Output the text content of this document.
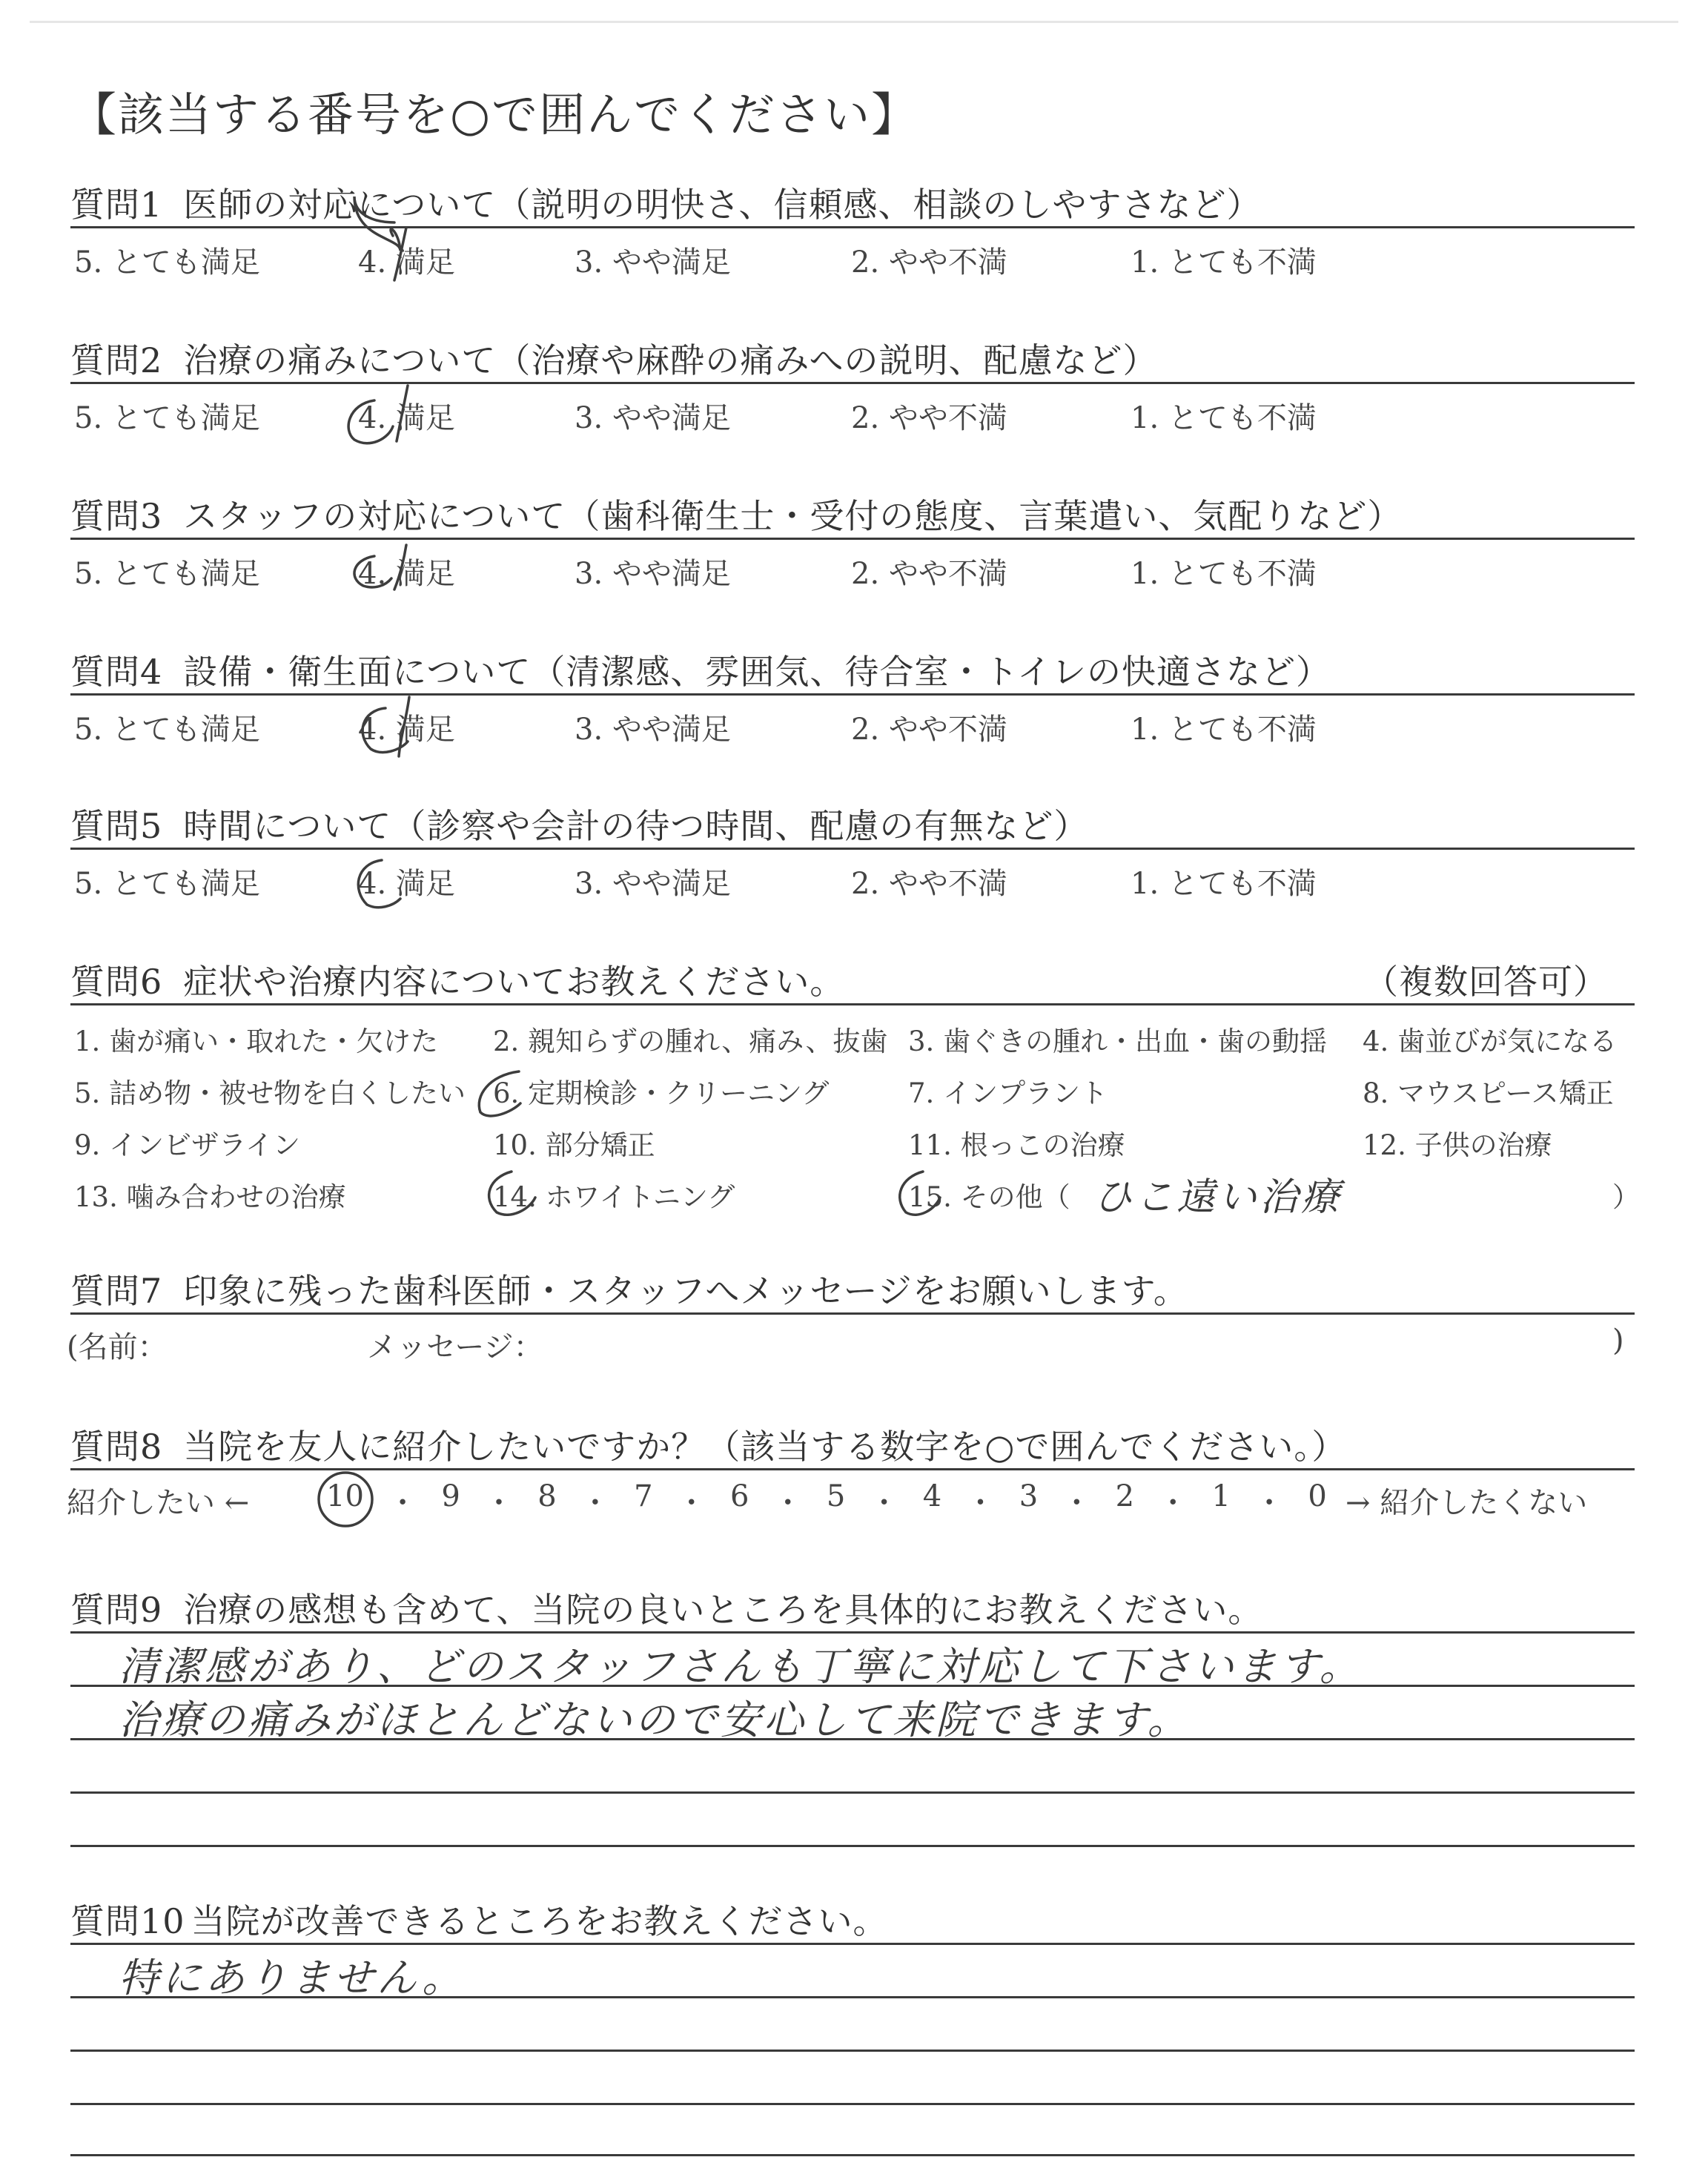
【該当する番号を○で囲んでください】
質問1 医師の対応について（説明の明快さ、信頼感、相談のしやすさなど）
5. とても満足	4. 満足	3. やや満足	2. やや不満	1. とても不満
質問2 治療の痛みについて（治療や麻酔の痛みへの説明、配慮など）
5. とても満足	4. 満足	3. やや満足	2. やや不満	1. とても不満
質問3 スタッフの対応について（歯科衛生士・受付の態度、言葉遣い、気配りなど）
5. とても満足	4. 満足	3. やや満足	2. やや不満	1. とても不満
質問4 設備・衛生面について（清潔感、雰囲気、待合室・トイレの快適さなど）
5. とても満足	4. 満足	3. やや満足	2. やや不満	1. とても不満
質問5 時間について（診察や会計の待つ時間、配慮の有無など）
5. とても満足	4. 満足	3. やや満足	2. やや不満	1. とても不満
質問6 症状や治療内容についてお教えください。	（複数回答可）
1. 歯が痛い・取れた・欠けた 2. 親知らずの腫れ、痛み、抜歯 3. 歯ぐきの腫れ・出血・歯の動揺 4. 歯並びが気になる
5. 詰め物・被せ物を白くしたい 6. 定期検診・クリーニング	7. インプラント	8. マウスピース矯正
9. インビザライン	10. 部分矯正	11. 根っこの治療	12. 子供の治療
13. 噛み合わせの治療	14. ホワイトニング	15. その他（ ひこ遠い治療	）
質問7 印象に残った歯科医師・スタッフへメッセージをお願いします。
(名前：	メッセージ：	)
質問8 当院を友人に紹介したいですか？（該当する数字を○で囲んでください。）
紹介したい ←	10 ・ 9 ・ 8 ・ 7 ・ 6 ・ 5 ・ 4 ・ 3 ・ 2 ・ 1 ・ 0 → 紹介したくない
質問9 治療の感想も含めて、当院の良いところを具体的にお教えください。
清潔感があり、どのスタッフさんも丁寧に対応して下さいます。
治療の痛みがほとんどないので安心して来院できます。
質問10 当院が改善できるところをお教えください。
特にありません。
